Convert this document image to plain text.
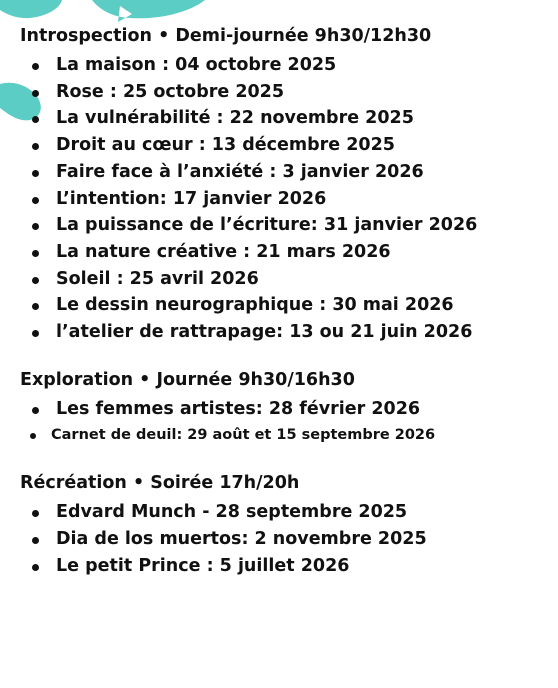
Introspection • Demi-journée 9h30/12h30

La maison : 04 octobre 2025
Rose : 25 octobre 2025
La vulnérabilité : 22 novembre 2025
Droit au cœur : 13 décembre 2025
Faire face à l’anxiété : 3 janvier 2026
L’intention: 17 janvier 2026
La puissance de l’écriture: 31 janvier 2026
La nature créative : 21 mars 2026
Soleil : 25 avril 2026
Le dessin neurographique : 30 mai 2026
l’atelier de rattrapage: 13 ou 21 juin 2026

Exploration • Journée 9h30/16h30

Les femmes artistes: 28 février 2026
Carnet de deuil: 29 août et 15 septembre 2026

Récréation • Soirée 17h/20h

Edvard Munch - 28 septembre 2025
Dia de los muertos: 2 novembre 2025
Le petit Prince : 5 juillet 2026
